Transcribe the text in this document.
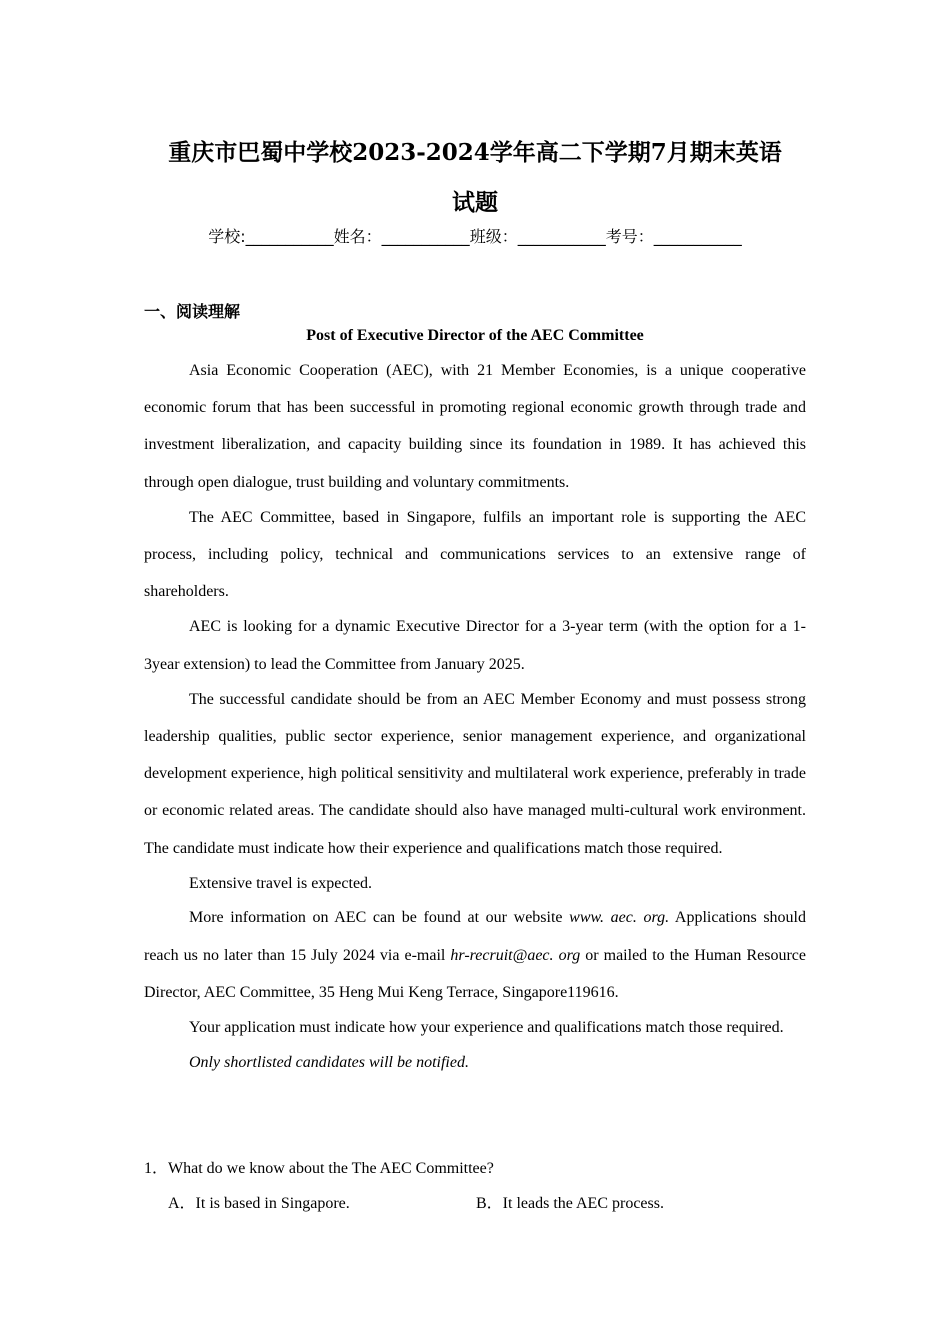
重庆市巴蜀中学校2023-2024学年高二下学期7月期末英语
试题
学校:___________姓名：___________班级：___________考号：___________
一、阅读理解
Post of Executive Director of the AEC Committee

Asia Economic Cooperation (AEC), with 21 Member Economies, is a unique cooperative economic forum that has been successful in promoting regional economic growth through trade and investment liberalization, and capacity building since its foundation in 1989. It has achieved this through open dialogue, trust building and voluntary commitments.

The AEC Committee, based in Singapore, fulfils an important role is supporting the AEC process, including policy, technical and communications services to an extensive range of shareholders.

AEC is looking for a dynamic Executive Director for a 3-year term (with the option for a 1-3year extension) to lead the Committee from January 2025.

The successful candidate should be from an AEC Member Economy and must possess strong leadership qualities, public sector experience, senior management experience, and organizational development experience, high political sensitivity and multilateral work experience, preferably in trade or economic related areas. The candidate should also have managed multi-cultural work environment. The candidate must indicate how their experience and qualifications match those required.

Extensive travel is expected.

More information on AEC can be found at our website www. aec. org. Applications should reach us no later than 15 July 2024 via e-mail hr-recruit@aec. org or mailed to the Human Resource Director, AEC Committee, 35 Heng Mui Keng Terrace, Singapore119616.

Your application must indicate how your experience and qualifications match those required.

Only shortlisted candidates will be notified.

1．What do we know about the The AEC Committee?
A．It is based in Singapore.	B．It leads the AEC process.
